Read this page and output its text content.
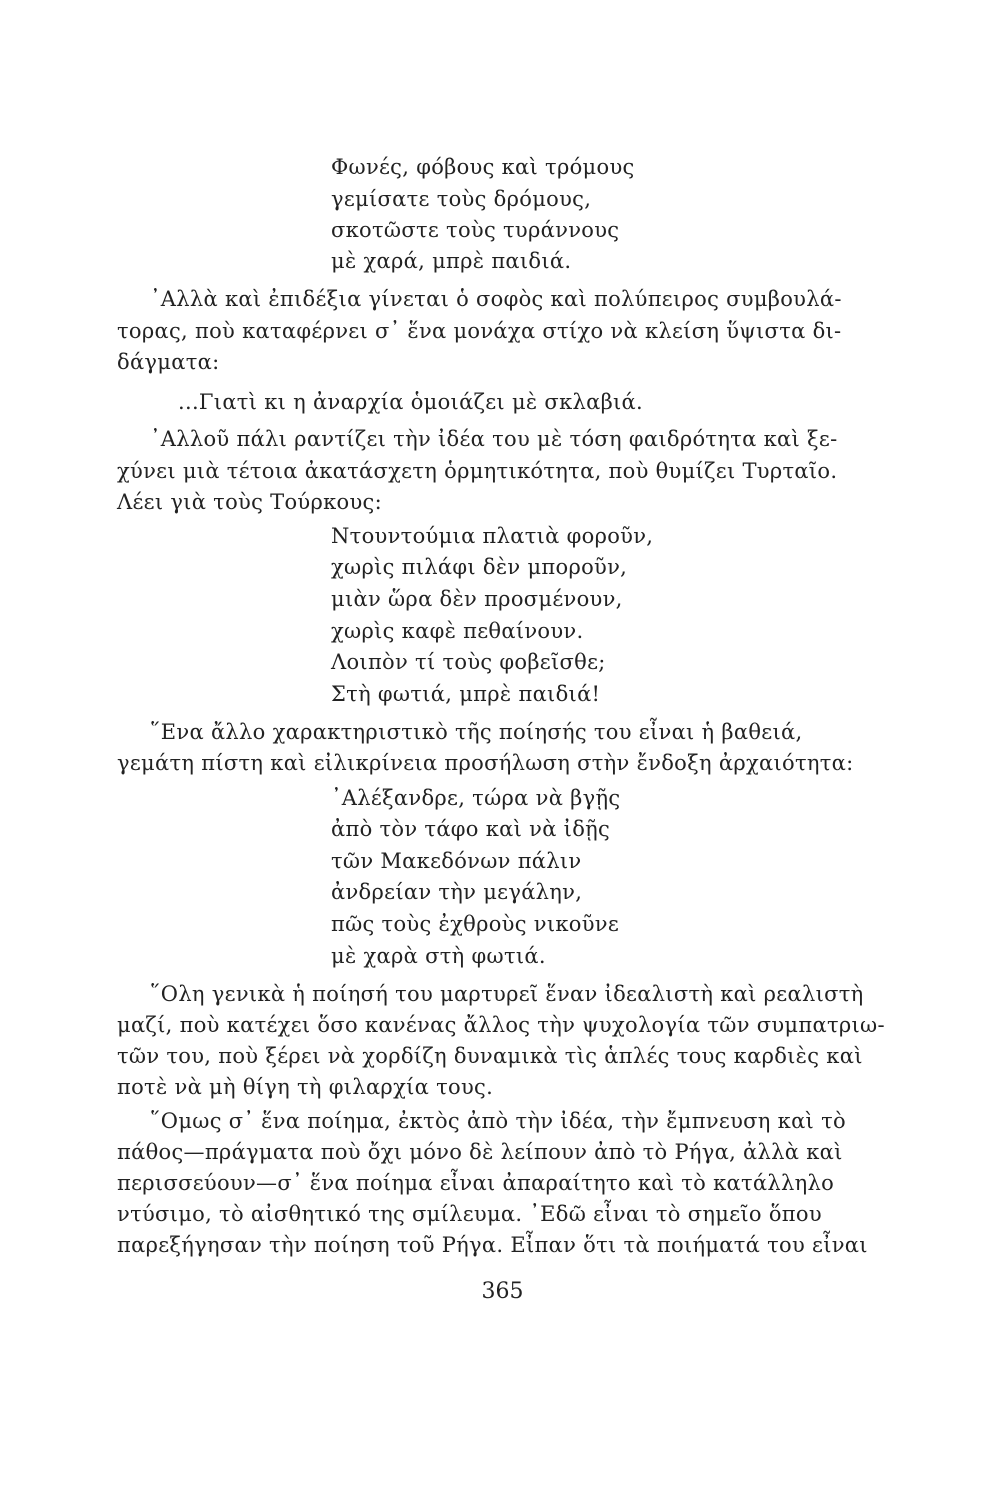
Φωνές, φόβους καὶ τρόμους
γεμίσατε τοὺς δρόμους,
σκοτῶστε τοὺς τυράννους
μὲ χαρά, μπρὲ παιδιά.
᾿Αλλὰ καὶ ἐπιδέξια γίνεται ὁ σοφὸς καὶ πολύπειρος συμβουλά-
τορας, ποὺ καταφέρνει σ᾿ ἕνα μονάχα στίχο νὰ κλείση ὕψιστα δι-
δάγματα:
...Γιατὶ κι η ἀναρχία ὁμοιάζει μὲ σκλαβιά.
᾿Αλλοῦ πάλι ραντίζει τὴν ἰδέα του μὲ τόση φαιδρότητα καὶ ξε-
χύνει μιὰ τέτοια ἀκατάσχετη ὁρμητικότητα, ποὺ θυμίζει Τυρταῖο.
Λέει γιὰ τοὺς Τούρκους:
Ντουντούμια πλατιὰ φοροῦν,
χωρὶς πιλάφι δὲν μποροῦν,
μιὰν ὥρα δὲν προσμένουν,
χωρὶς καφὲ πεθαίνουν.
Λοιπὸν τί τοὺς φοβεῖσθε;
Στὴ φωτιά, μπρὲ παιδιά!
῞Ενα ἄλλο χαρακτηριστικὸ τῆς ποίησής του εἶναι ἡ βαθειά,
γεμάτη πίστη καὶ εἰλικρίνεια προσήλωση στὴν ἔνδοξη ἀρχαιότητα:
᾿Αλέξανδρε, τώρα νὰ βγῇς
ἀπὸ τὸν τάφο καὶ νὰ ἰδῇς
τῶν Μακεδόνων πάλιν
ἀνδρείαν τὴν μεγάλην,
πῶς τοὺς ἐχθροὺς νικοῦνε
μὲ χαρὰ στὴ φωτιά.
῞Ολη γενικὰ ἡ ποίησή του μαρτυρεῖ ἕναν ἰδεαλιστὴ καὶ ρεαλιστὴ
μαζί, ποὺ κατέχει ὅσο κανένας ἄλλος τὴν ψυχολογία τῶν συμπατριω-
τῶν του, ποὺ ξέρει νὰ χορδίζη δυναμικὰ τὶς ἁπλές τους καρδιὲς καὶ
ποτὲ νὰ μὴ θίγη τὴ φιλαρχία τους.
῞Ομως σ᾿ ἕνα ποίημα, ἐκτὸς ἀπὸ τὴν ἰδέα, τὴν ἔμπνευση καὶ τὸ
πάθος—πράγματα ποὺ ὄχι μόνο δὲ λείπουν ἀπὸ τὸ Ρήγα, ἀλλὰ καὶ
περισσεύουν—σ᾿ ἕνα ποίημα εἶναι ἀπαραίτητο καὶ τὸ κατάλληλο
ντύσιμο, τὸ αἰσθητικό της σμίλευμα. ᾿Εδῶ εἶναι τὸ σημεῖο ὅπου
παρεξήγησαν τὴν ποίηση τοῦ Ρήγα. Εἶπαν ὅτι τὰ ποιήματά του εἶναι
365
